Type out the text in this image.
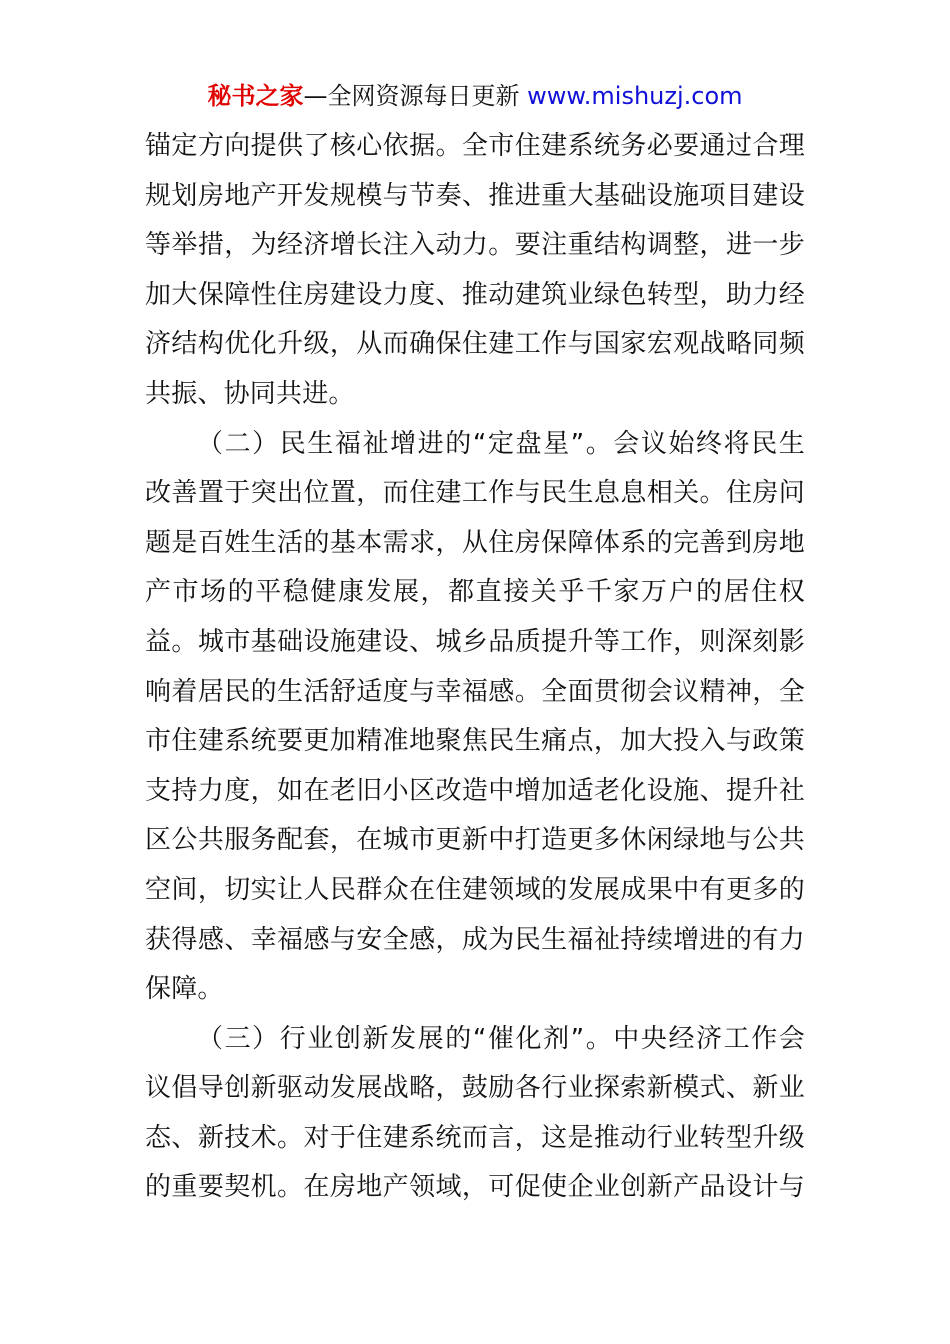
秘书之家—全网资源每日更新 www.mishuzj.com
锚定方向提供了核心依据。全市住建系统务必要通过合理
规划房地产开发规模与节奏、推进重大基础设施项目建设
等举措，为经济增长注入动力。要注重结构调整，进一步
加大保障性住房建设力度、推动建筑业绿色转型，助力经
济结构优化升级，从而确保住建工作与国家宏观战略同频
共振、协同共进。
（二）民生福祉增进的“定盘星”。会议始终将民生
改善置于突出位置，而住建工作与民生息息相关。住房问
题是百姓生活的基本需求，从住房保障体系的完善到房地
产市场的平稳健康发展，都直接关乎千家万户的居住权
益。城市基础设施建设、城乡品质提升等工作，则深刻影
响着居民的生活舒适度与幸福感。全面贯彻会议精神，全
市住建系统要更加精准地聚焦民生痛点，加大投入与政策
支持力度，如在老旧小区改造中增加适老化设施、提升社
区公共服务配套，在城市更新中打造更多休闲绿地与公共
空间，切实让人民群众在住建领域的发展成果中有更多的
获得感、幸福感与安全感，成为民生福祉持续增进的有力
保障。
（三）行业创新发展的“催化剂”。中央经济工作会
议倡导创新驱动发展战略，鼓励各行业探索新模式、新业
态、新技术。对于住建系统而言，这是推动行业转型升级
的重要契机。在房地产领域，可促使企业创新产品设计与
